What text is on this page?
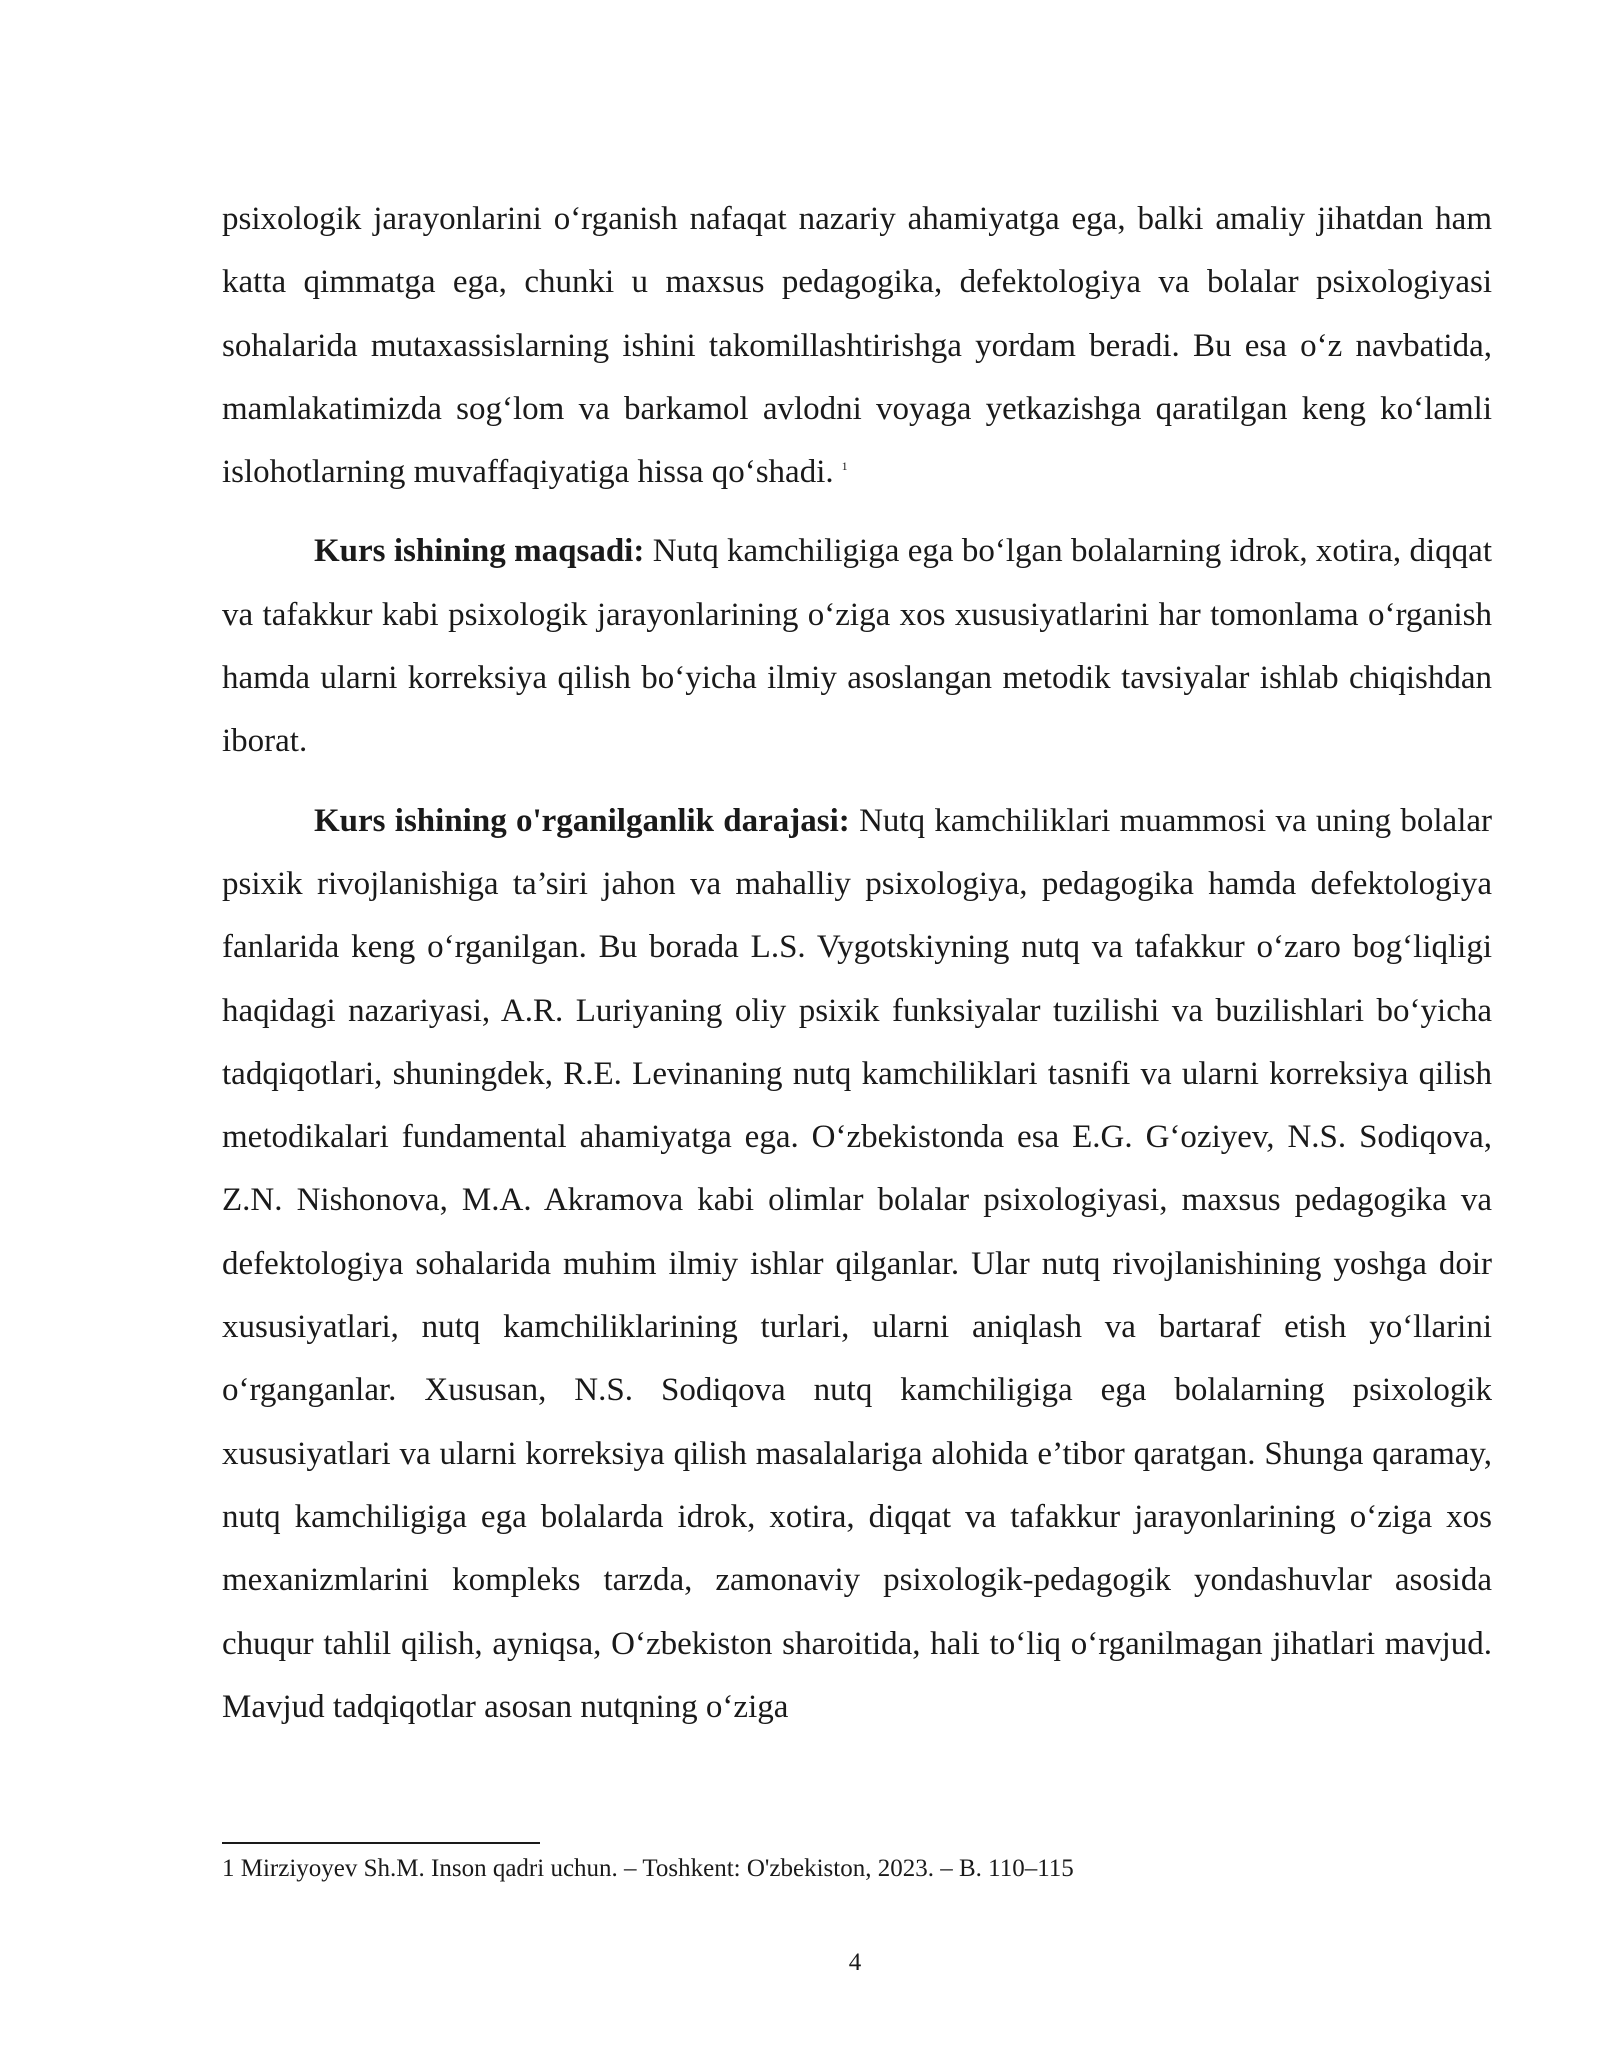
psixologik jarayonlarini o‘rganish nafaqat nazariy ahamiyatga ega, balki amaliy jihatdan ham katta qimmatga ega, chunki u maxsus pedagogika, defektologiya va bolalar psixologiyasi sohalarida mutaxassislarning ishini takomillashtirishga yordam beradi. Bu esa o‘z navbatida, mamlakatimizda sog‘lom va barkamol avlodni voyaga yetkazishga qaratilgan keng ko‘lamli islohotlarning muvaffaqiyatiga hissa qo‘shadi. $^1$

Kurs ishining maqsadi: Nutq kamchiligiga ega bo‘lgan bolalarning idrok, xotira, diqqat va tafakkur kabi psixologik jarayonlarining o‘ziga xos xususiyatlarini har tomonlama o‘rganish hamda ularni korreksiya qilish bo‘yicha ilmiy asoslangan metodik tavsiyalar ishlab chiqishdan iborat.

Kurs ishining o'rganilganlik darajasi: Nutq kamchiliklari muammosi va uning bolalar psixik rivojlanishiga ta’siri jahon va mahalliy psixologiya, pedagogika hamda defektologiya fanlarida keng o‘rganilgan. Bu borada L.S. Vygotskiyning nutq va tafakkur o‘zaro bog‘liqligi haqidagi nazariyasi, A.R. Luriyaning oliy psixik funksiyalar tuzilishi va buzilishlari bo‘yicha tadqiqotlari, shuningdek, R.E. Levinaning nutq kamchiliklari tasnifi va ularni korreksiya qilish metodikalari fundamental ahamiyatga ega. O‘zbekistonda esa E.G. G‘oziyev, N.S. Sodiqova, Z.N. Nishonova, M.A. Akramova kabi olimlar bolalar psixologiyasi, maxsus pedagogika va defektologiya sohalarida muhim ilmiy ishlar qilganlar. Ular nutq rivojlanishining yoshga doir xususiyatlari, nutq kamchiliklarining turlari, ularni aniqlash va bartaraf etish yo‘llarini o‘rganganlar. Xususan, N.S. Sodiqova nutq kamchiligiga ega bolalarning psixologik xususiyatlari va ularni korreksiya qilish masalalariga alohida e’tibor qaratgan. Shunga qaramay, nutq kamchiligiga ega bolalarda idrok, xotira, diqqat va tafakkur jarayonlarining o‘ziga xos mexanizmlarini kompleks tarzda, zamonaviy psixologik-pedagogik yondashuvlar asosida chuqur tahlil qilish, ayniqsa, O‘zbekiston sharoitida, hali to‘liq o‘rganilmagan jihatlari mavjud. Mavjud tadqiqotlar asosan nutqning o‘ziga

1 Mirziyoyev Sh.M. Inson qadri uchun. – Toshkent: O'zbekiston, 2023. – B. 110–115
4
